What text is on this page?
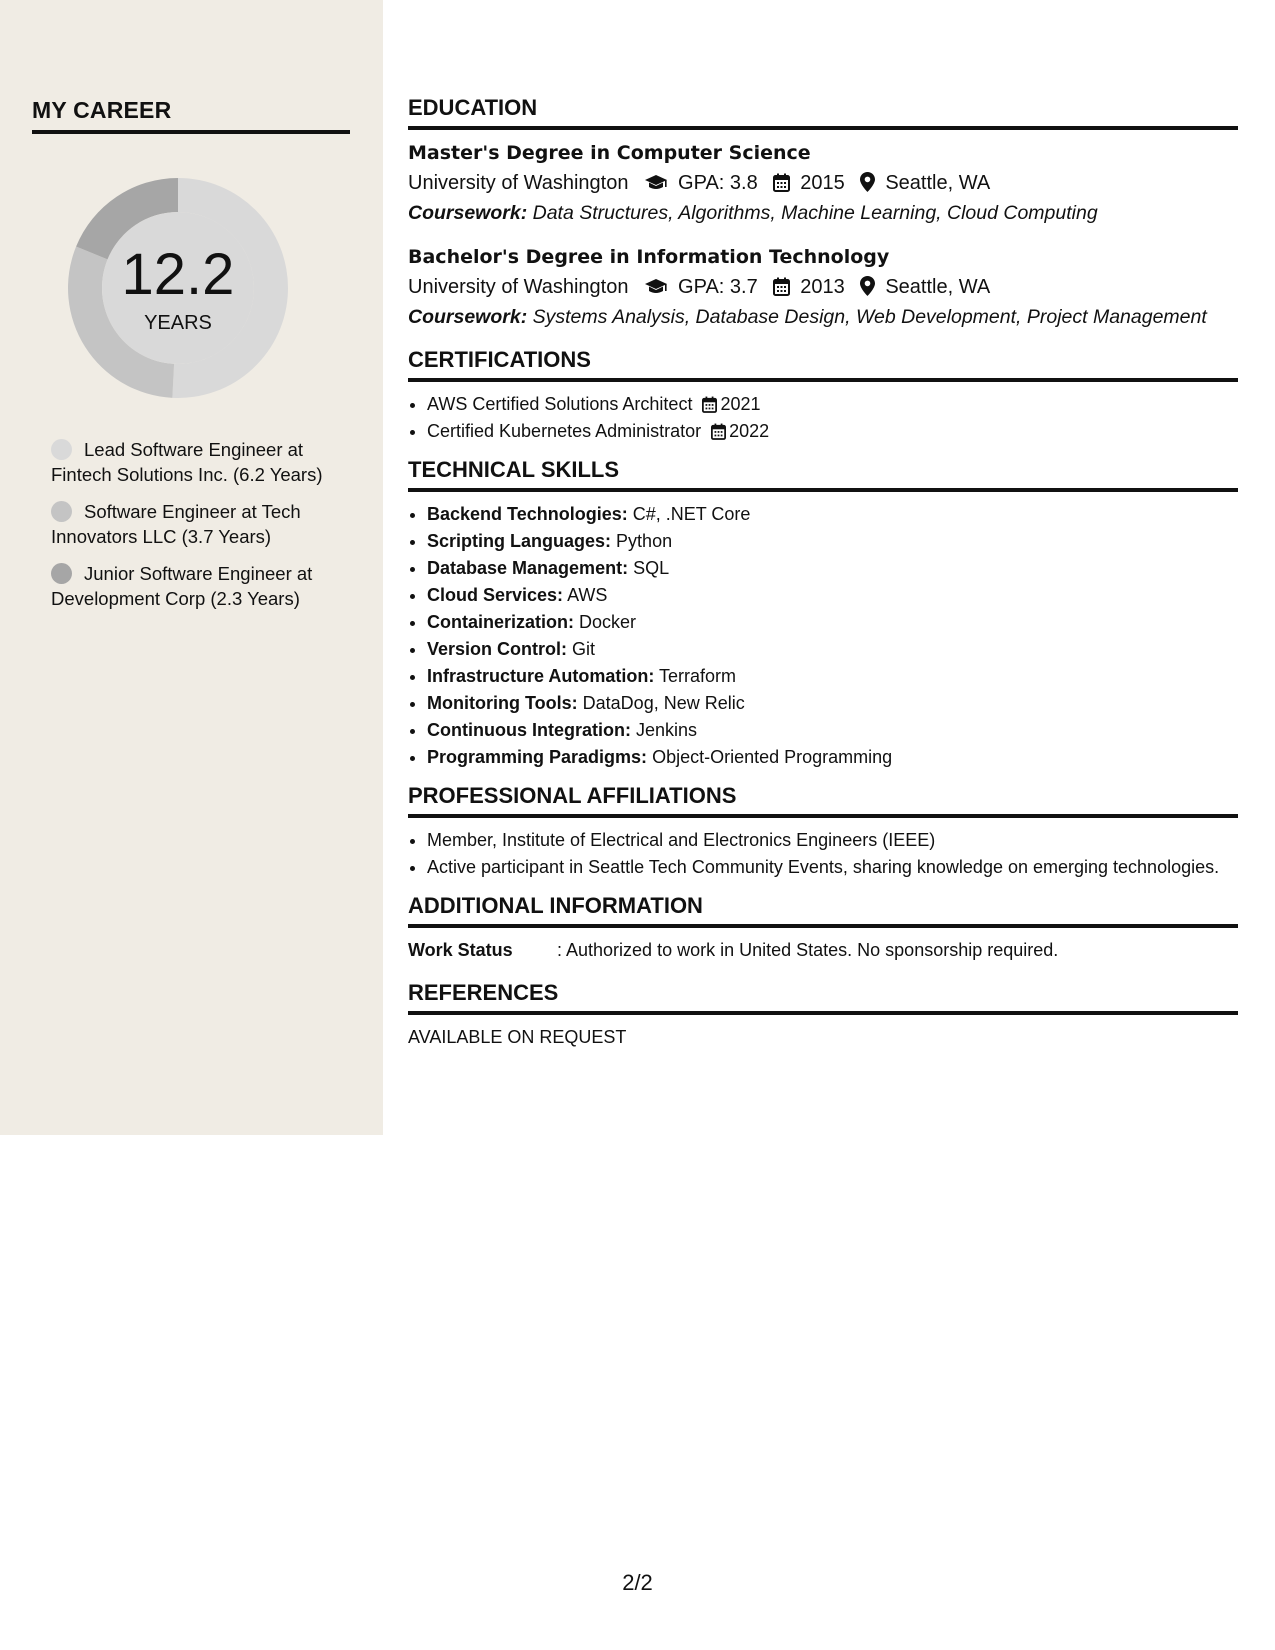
MY CAREER
12.2
YEARS
Lead Software Engineer at Fintech Solutions Inc. (6.2 Years)
Software Engineer at Tech Innovators LLC (3.7 Years)
Junior Software Engineer at Development Corp (2.3 Years)
EDUCATION
Master's Degree in Computer Science
University of Washington GPA: 3.8 2015 Seattle, WA
Coursework: Data Structures, Algorithms, Machine Learning, Cloud Computing
Bachelor's Degree in Information Technology
University of Washington GPA: 3.7 2013 Seattle, WA
Coursework: Systems Analysis, Database Design, Web Development, Project Management
CERTIFICATIONS
• AWS Certified Solutions Architect 2021
• Certified Kubernetes Administrator 2022
TECHNICAL SKILLS
• Backend Technologies: C#, .NET Core
• Scripting Languages: Python
• Database Management: SQL
• Cloud Services: AWS
• Containerization: Docker
• Version Control: Git
• Infrastructure Automation: Terraform
• Monitoring Tools: DataDog, New Relic
• Continuous Integration: Jenkins
• Programming Paradigms: Object-Oriented Programming
PROFESSIONAL AFFILIATIONS
• Member, Institute of Electrical and Electronics Engineers (IEEE)
• Active participant in Seattle Tech Community Events, sharing knowledge on emerging technologies.
ADDITIONAL INFORMATION
Work Status : Authorized to work in United States. No sponsorship required.
REFERENCES
AVAILABLE ON REQUEST
2/2
